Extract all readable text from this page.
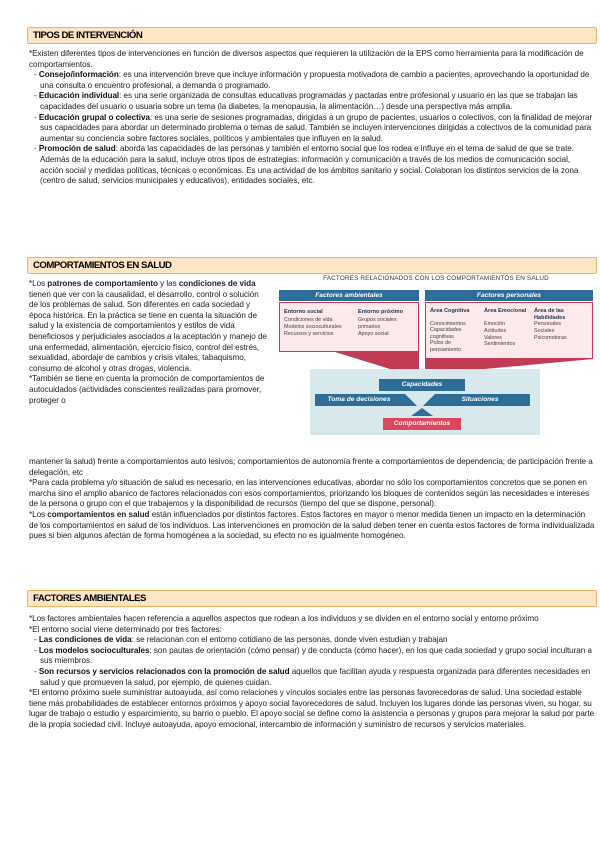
TIPOS DE INTERVENCIÓN

*Existen diferentes tipos de intervenciones en función de diversos aspectos que requieren la utilización de la EPS como herramienta para la modificación de comportamientos.

- Consejo/información: es una intervención breve que incluye información y propuesta motivadora de cambio a pacientes, aprovechando la oportunidad de una consulta o encuentro profesional, a demanda o programado.

- Educación individual: es una serie organizada de consultas educativas programadas y pactadas entre profesional y usuario en las que se trabajan las capacidades del usuario o usuaria sobre un tema (la diabetes, la menopausia, la alimentación…) desde una perspectiva más amplia.

- Educación grupal o colectiva: es una serie de sesiones programadas, dirigidas a un grupo de pacientes, usuarios o colectivos, con la finalidad de mejorar sus capacidades para abordar un determinado problema o temas de salud. También se incluyen intervenciones dirigidas a colectivos de la comunidad para aumentar su conciencia sobre factores sociales, políticos y ambientales que influyen en la salud.

- Promoción de salud: aborda las capacidades de las personas y también el entorno social que los rodea e influye en el tema de salud de que se trate. Además de la educación para la salud, incluye otros tipos de estrategias: información y comunicación a través de los medios de comunicación social, acción social y medidas políticas, técnicas o económicas. Es una actividad de los ámbitos sanitario y social. Colaboran los distintos servicios de la zona (centro de salud, servicios municipales y educativos), entidades sociales, etc.

COMPORTAMIENTOS EN SALUD

*Los patrones de comportamiento y las condiciones de vida tienen que ver con la causalidad, el desarrollo, control o solución de los problemas de salud. Son diferentes en cada sociedad y época histórica. En la práctica se tiene en cuenta la situación de salud y la existencia de comportamientos y estilos de vida beneficiosos y perjudiciales asociados a la aceptación y manejo de una enfermedad, alimentación, ejercicio físico, control del estrés, sexualidad, abordaje de cambios y crisis vitales, tabaquismo, consumo de alcohol y otras drogas, violencia.

*También se tiene en cuenta la promoción de comportamientos de autocuidados (actividades conscientes realizadas para promover, proteger o

mantener la salud) frente a comportamientos auto lesivos; comportamientos de autonomía frente a comportamientos de dependencia; de participación frente a delegación, etc

*Para cada problema y/o situación de salud es necesario, en las intervenciones educativas, abordar no sólo los comportamientos concretos que se ponen en marcha sino el amplio abanico de factores relacionados con esos comportamientos, priorizando los bloques de contenidos según las necesidades e intereses de la persona o grupo con el que trabajemos y la disponibilidad de recursos (tiempo del que se dispone, personal).

*Los comportamientos en salud están influenciados por distintos factores. Estos factores en mayor o menor medida tienen un impacto en la determinación de los comportamientos en salud de los individuos. Las intervenciones en promoción de la salud deben tener en cuenta estos factores de forma individualizada pues si bien algunos afectan de forma homogénea a la sociedad, su efecto no es igualmente homogéneo.

FACTORES RELACIONADOS CON LOS COMPORTAMIENTOS EN SALUD
Factores ambientales	Factores personales
Entorno social
Condiciones de vida
Modelos socioculturales
Recursos y servicios
Entorno próximo
Grupos sociales primarios
Apoyo social
Área Cognitiva
Conocimientos
Capacidades cognitivas
Polos de pensamiento
Área Emocional
Emoción
Actitudes
Valores
Sentimientos
Área de las Habilidades
Personales
Sociales
Psicomotoras
Capacidades
Toma de decisiones	Situaciones
Comportamientos
FACTORES AMBIENTALES

*Los factores ambientales hacen referencia a aquellos aspectos que rodean a los individuos y se dividen en el entorno social y entorno próximo

*El entorno social viene determinado por tres factores:

- Las condiciones de vida: se relacionan con el entorno cotidiano de las personas, donde viven estudian y trabajan

- Los modelos socioculturales: son pautas de orientación (cómo pensar) y de conducta (cómo hacer), en los que cada sociedad y grupo social inculturan a sus miembros.

- Son recursos y servicios relacionados con la promoción de salud aquellos que facilitan ayuda y respuesta organizada para diferentes necesidades en salud y que promueven la salud, por ejemplo, de quienes cuidan.

*El entorno próximo suele suministrar autoayuda, así como relaciones y vínculos sociales entre las personas favorecedoras de salud. Una sociedad estable tiene más probabilidades de establecer entornos próximos y apoyo social favorecedores de salud. Incluyen los lugares donde las personas viven, su hogar, su lugar de trabajo o estudio y esparcimiento, su barrio o pueblo. El apoyo social se define como la asistencia a personas y grupos para mejorar la salud por parte de la propia sociedad civil. Incluye autoayuda, apoyo emocional, intercambio de información y suministro de recursos y servicios materiales.
